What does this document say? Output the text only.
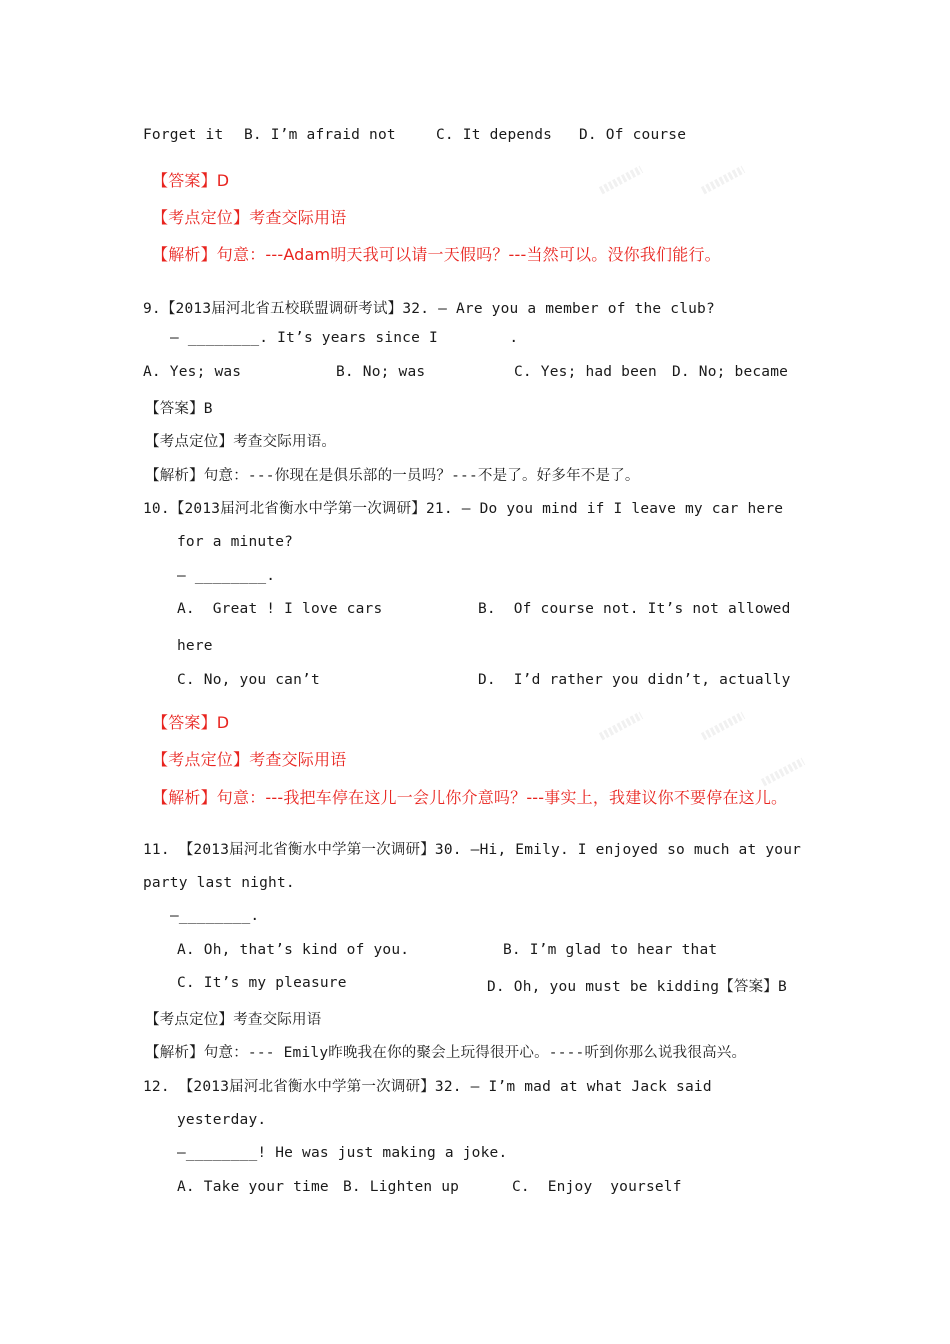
Forget it B. I’m afraid not	C. It depends D. Of course
【答案】D
【考点定位】考查交际用语
【解析】句意：---Adam明天我可以请一天假吗？---当然可以。没你我们能行。
9.【2013届河北省五校联盟调研考试】32. — Are you a member of the club?
— ________. It’s years since I        .
A. Yes; was	B. No; was	C. Yes; had been D. No; became
【答案】B
【考点定位】考查交际用语。
【解析】句意：---你现在是俱乐部的一员吗？---不是了。好多年不是了。
10.【2013届河北省衡水中学第一次调研】21. — Do you mind if I leave my car here
for a minute?
— ________.
A.  Great ! I love cars	B.  Of course not. It’s not allowed
here
C. No, you can’t	D.  I’d rather you didn’t, actually
【答案】D
【考点定位】考查交际用语
【解析】句意：---我把车停在这儿一会儿你介意吗？---事实上，我建议你不要停在这儿。
11. 【2013届河北省衡水中学第一次调研】30. —Hi, Emily. I enjoyed so much at your
party last night.
—________.
A. Oh, that’s kind of you.	B. I’m glad to hear that
C. It’s my pleasure	D. Oh, you must be kidding【答案】B
【考点定位】考查交际用语
【解析】句意：--- Emily昨晚我在你的聚会上玩得很开心。----听到你那么说我很高兴。
12. 【2013届河北省衡水中学第一次调研】32. — I’m mad at what Jack said
yesterday.
—________! He was just making a joke.
A. Take your time B. Lighten up	C.  Enjoy  yourself
